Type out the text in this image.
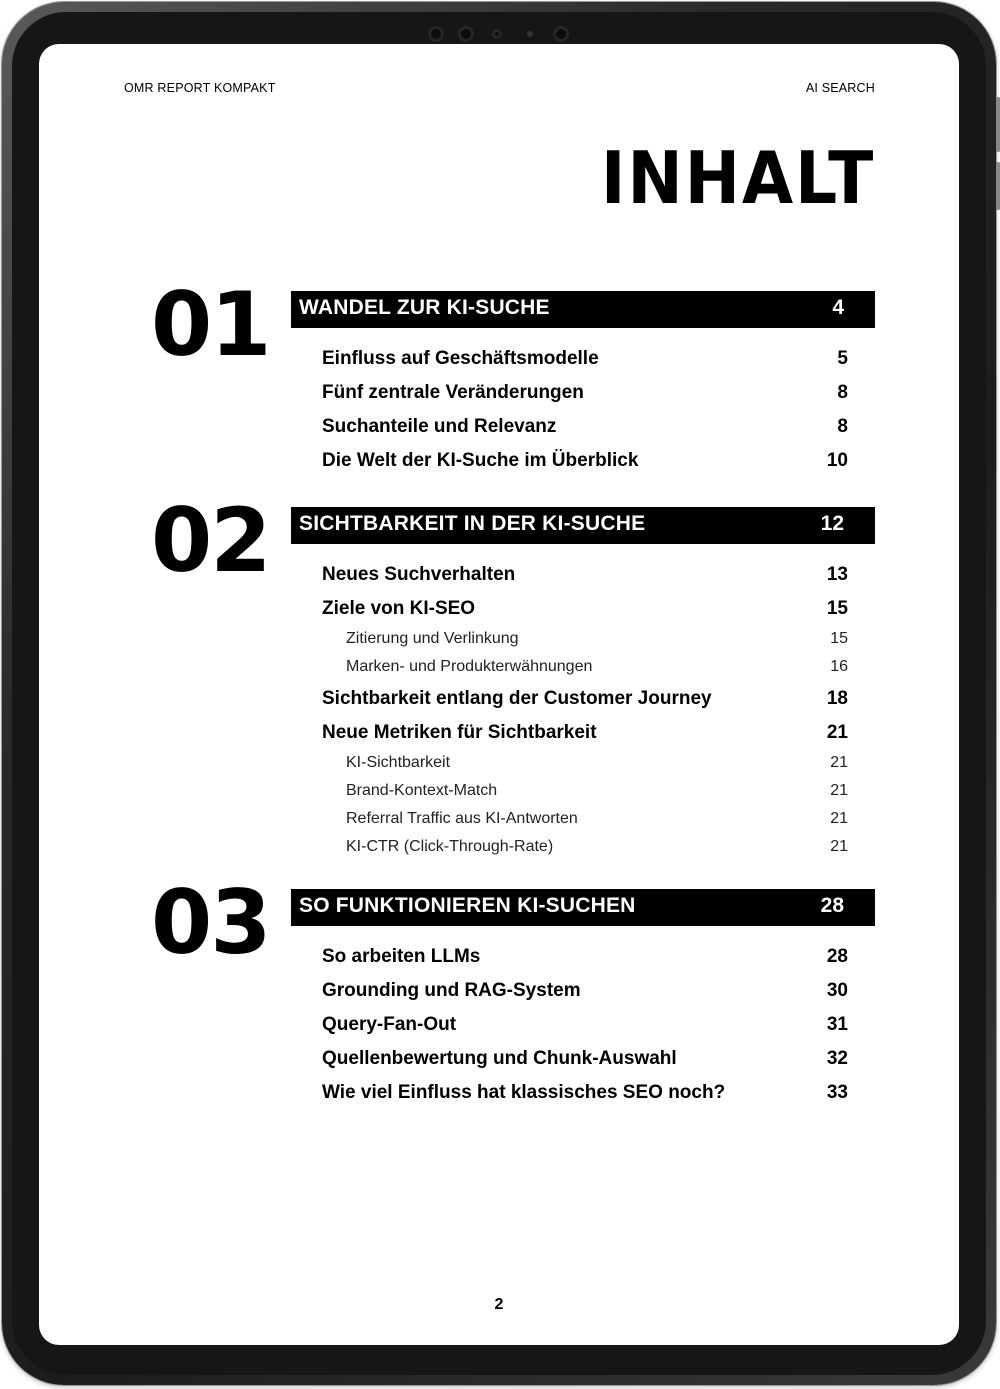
OMR REPORT KOMPAKT	AI SEARCH
INHALT
01 WANDEL ZUR KI-SUCHE	4
Einfluss auf Geschäftsmodelle	5
Fünf zentrale Veränderungen	8
Suchanteile und Relevanz	8
Die Welt der KI-Suche im Überblick	10
02 SICHTBARKEIT IN DER KI-SUCHE	12
Neues Suchverhalten	13
Ziele von KI-SEO	15
Zitierung und Verlinkung	15
Marken- und Produkterwähnungen	16
Sichtbarkeit entlang der Customer Journey	18
Neue Metriken für Sichtbarkeit	21
KI-Sichtbarkeit	21
Brand-Kontext-Match	21
Referral Traffic aus KI-Antworten	21
KI-CTR (Click-Through-Rate)	21
03 SO FUNKTIONIEREN KI-SUCHEN	28
So arbeiten LLMs	28
Grounding und RAG-System	30
Query-Fan-Out	31
Quellenbewertung und Chunk-Auswahl	32
Wie viel Einfluss hat klassisches SEO noch?	33
2
